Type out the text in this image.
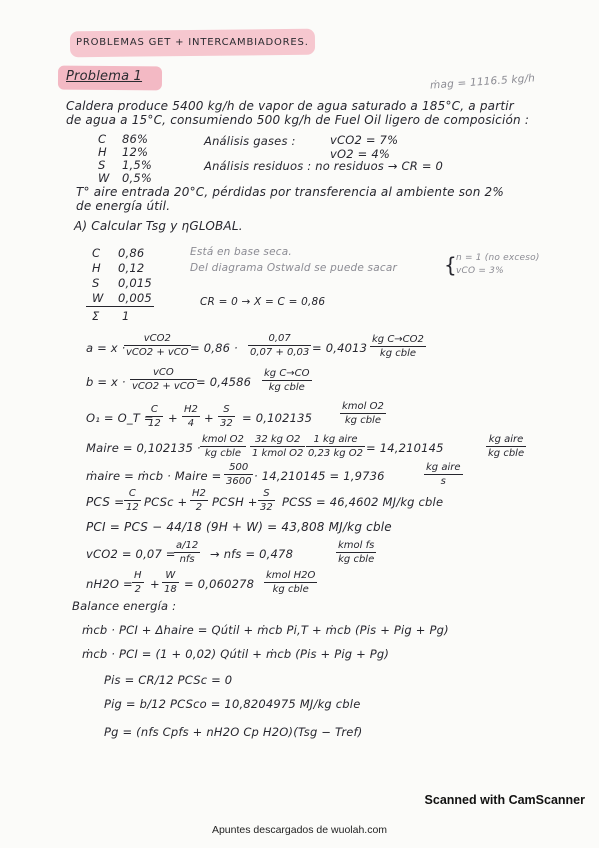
PROBLEMAS GET + INTERCAMBIADORES.
Problema 1	ṁag = 1116.5 kg/h
Caldera produce 5400 kg/h de vapor de agua saturado a 185°C, a partir
de agua a 15°C, consumiendo 500 kg/h de Fuel Oil ligero de composición :
C 86%
H 12%
S 1,5%
W 0,5%
Análisis gases :	vCO2 = 7%
vO2 = 4%
Análisis residuos : no residuos → CR = 0
T° aire entrada 20°C, pérdidas por transferencia al ambiente son 2%
de energía útil.
A) Calcular Tsg y ηGLOBAL.
C 0,86
H 0,12
S 0,015
W 0,005
Σ 1
Está en base seca.
Del diagrama Ostwald se puede sacar { n = 1 (no exceso)
vCO = 3%
CR = 0 → X = C = 0,86
a = x ·
vCO2
vCO2 + vCO = 0,86 ·
0,07
0,07 + 0,03 = 0,4013
kg C→CO2
kg cble
b = x ·
vCO
vCO2 + vCO = 0,4586
kg C→CO
kg cble
O₁ = O_T =
C
12 +
H2
4 +
S
32 = 0,102135
kmol O2
kg cble
Maire = 0,102135 ·
kmol O2
kg cble
32 kg O2
1 kmol O2
1 kg aire
0,23 kg O2 = 14,210145
kg aire
kg cble
ṁaire = ṁcb · Maire =
500
3600 · 14,210145 = 1,9736
kg aire
s
PCS =
C
12 PCSc +
H2
2 PCSH +
S
32 PCSS = 46,4602 MJ/kg cble
PCI = PCS − 44/18 (9H + W) = 43,808 MJ/kg cble
vCO2 = 0,07 =
a/12
nfs → nfs = 0,478
kmol fs
kg cble
nH2O =
H
2 +
W
18 = 0,060278
kmol H2O
kg cble
Balance energía :
ṁcb · PCI + Δhaire = Qútil + ṁcb Pi,T + ṁcb (Pis + Pig + Pg)
ṁcb · PCI = (1 + 0,02) Qútil + ṁcb (Pis + Pig + Pg)
Pis = CR/12 PCSc = 0
Pig = b/12 PCSco = 10,8204975 MJ/kg cble
Pg = (nfs Cpfs + nH2O Cp H2O)(Tsg − Tref)
Scanned with CamScanner
Apuntes descargados de wuolah.com
